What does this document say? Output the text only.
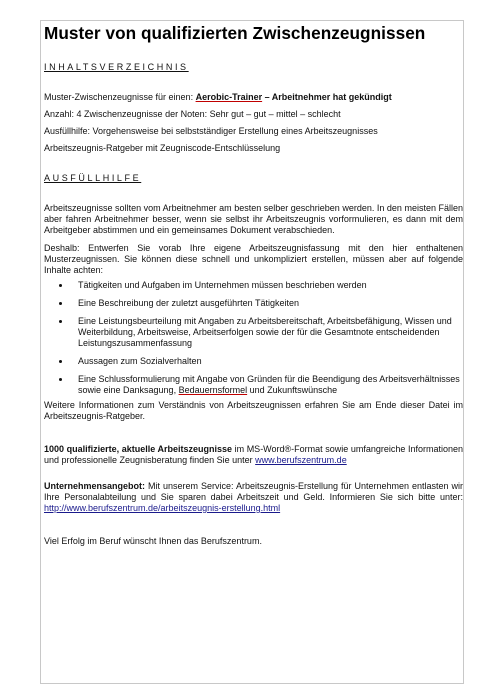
Muster von qualifizierten Zwischenzeugnissen
INHALTSVERZEICHNIS

Muster-Zwischenzeugnisse für einen: Aerobic-Trainer – Arbeitnehmer hat gekündigt

Anzahl: 4 Zwischenzeugnisse der Noten: Sehr gut – gut – mittel – schlecht

Ausfüllhilfe: Vorgehensweise bei selbstständiger Erstellung eines Arbeitszeugnisses

Arbeitszeugnis-Ratgeber mit Zeugniscode-Entschlüsselung

AUSFÜLLHILFE

Arbeitszeugnisse sollten vom Arbeitnehmer am besten selber geschrieben werden. In den meisten Fällen aber fahren Arbeitnehmer besser, wenn sie selbst ihr Arbeitszeugnis vorformulieren, es dann mit dem Arbeitgeber abstimmen und ein gemeinsames Dokument verabschieden.

Deshalb: Entwerfen Sie vorab Ihre eigene Arbeitszeugnisfassung mit den hier enthaltenen Musterzeugnissen. Sie können diese schnell und unkompliziert erstellen, müssen aber auf folgende Inhalte achten:

Tätigkeiten und Aufgaben im Unternehmen müssen beschrieben werden
Eine Beschreibung der zuletzt ausgeführten Tätigkeiten
Eine Leistungsbeurteilung mit Angaben zu Arbeitsbereitschaft, Arbeitsbefähigung, Wissen und Weiterbildung, Arbeitsweise, Arbeitserfolgen sowie der für die Gesamtnote entscheidenden Leistungszusammenfassung
Aussagen zum Sozialverhalten
Eine Schlussformulierung mit Angabe von Gründen für die Beendigung des Arbeitsverhältnisses sowie eine Danksagung, Bedauernsformel und Zukunftswünsche

Weitere Informationen zum Verständnis von Arbeitszeugnissen erfahren Sie am Ende dieser Datei im Arbeitszeugnis-Ratgeber.

1000 qualifizierte, aktuelle Arbeitszeugnisse im MS-Word®-Format sowie umfangreiche Informationen und professionelle Zeugnisberatung finden Sie unter www.berufszentrum.de

Unternehmensangebot: Mit unserem Service: Arbeitszeugnis-Erstellung für Unternehmen entlasten wir Ihre Personalabteilung und Sie sparen dabei Arbeitszeit und Geld. Informieren Sie sich bitte unter: http://www.berufszentrum.de/arbeitszeugnis-erstellung.html

Viel Erfolg im Beruf wünscht Ihnen das Berufszentrum.
